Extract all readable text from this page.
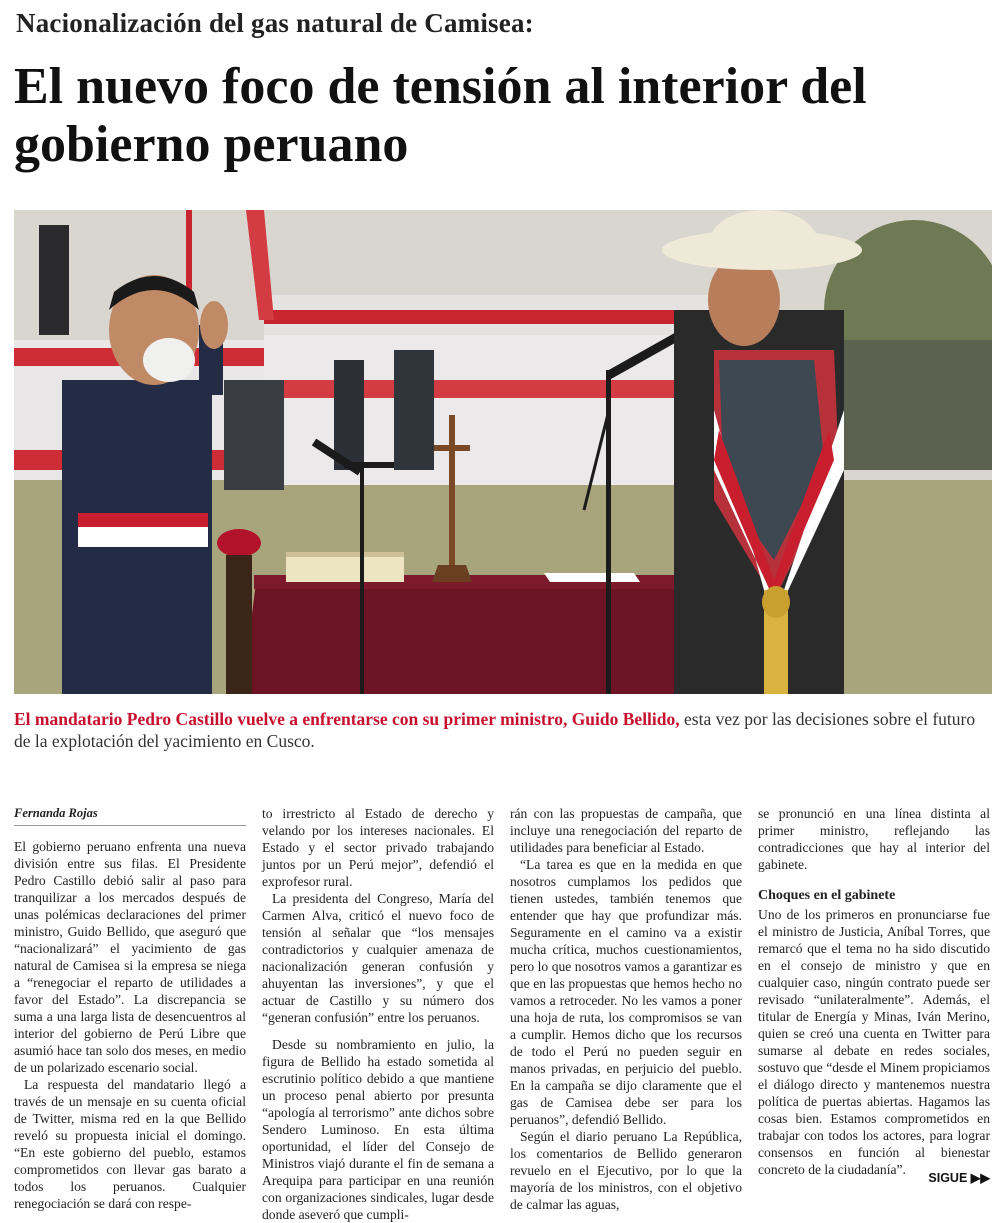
Nacionalización del gas natural de Camisea:
El nuevo foco de tensión al interior del gobierno peruano
El mandatario Pedro Castillo vuelve a enfrentarse con su primer ministro, Guido Bellido, esta vez por las decisiones sobre el futuro de la explotación del yacimiento en Cusco.
Fernanda Rojas

El gobierno peruano enfrenta una nueva división entre sus filas. El Presidente Pedro Castillo debió salir al paso para tranquilizar a los mercados después de unas polémicas declaraciones del primer ministro, Guido Bellido, que aseguró que “nacionalizará” el yacimiento de gas natural de Camisea si la empresa se niega a “renegociar el reparto de utilidades a favor del Estado”. La discrepancia se suma a una larga lista de desencuentros al interior del gobierno de Perú Libre que asumió hace tan solo dos meses, en medio de un polarizado escenario social.

La respuesta del mandatario llegó a través de un mensaje en su cuenta oficial de Twitter, misma red en la que Bellido reveló su propuesta inicial el domingo. “En este gobierno del pueblo, estamos comprometidos con llevar gas barato a todos los peruanos. Cualquier renegociación se dará con respe-

to irrestricto al Estado de derecho y velando por los intereses nacionales. El Estado y el sector privado trabajando juntos por un Perú mejor”, defendió el exprofesor rural.

La presidenta del Congreso, María del Carmen Alva, criticó el nuevo foco de tensión al señalar que “los mensajes contradictorios y cualquier amenaza de nacionalización generan confusión y ahuyentan las inversiones”, y que el actuar de Castillo y su número dos “generan confusión” entre los peruanos.

Desde su nombramiento en julio, la figura de Bellido ha estado sometida al escrutinio político debido a que mantiene un proceso penal abierto por presunta “apología al terrorismo” ante dichos sobre Sendero Luminoso. En esta última oportunidad, el líder del Consejo de Ministros viajó durante el fin de semana a Arequipa para participar en una reunión con organizaciones sindicales, lugar desde donde aseveró que cumpli-

rán con las propuestas de campaña, que incluye una renegociación del reparto de utilidades para beneficiar al Estado.

“La tarea es que en la medida en que nosotros cumplamos los pedidos que tienen ustedes, también tenemos que entender que hay que profundizar más. Seguramente en el camino va a existir mucha crítica, muchos cuestionamientos, pero lo que nosotros vamos a garantizar es que en las propuestas que hemos hecho no vamos a retroceder. No les vamos a poner una hoja de ruta, los compromisos se van a cumplir. Hemos dicho que los recursos de todo el Perú no pueden seguir en manos privadas, en perjuicio del pueblo. En la campaña se dijo claramente que el gas de Camisea debe ser para los peruanos”, defendió Bellido.

Según el diario peruano La República, los comentarios de Bellido generaron revuelo en el Ejecutivo, por lo que la mayoría de los ministros, con el objetivo de calmar las aguas,

se pronunció en una línea distinta al primer ministro, reflejando las contradicciones que hay al interior del gabinete.

Choques en el gabinete

Uno de los primeros en pronunciarse fue el ministro de Justicia, Aníbal Torres, que remarcó que el tema no ha sido discutido en el consejo de ministro y que en cualquier caso, ningún contrato puede ser revisado “unilateralmente”. Además, el titular de Energía y Minas, Iván Merino, quien se creó una cuenta en Twitter para sumarse al debate en redes sociales, sostuvo que “desde el Minem propiciamos el diálogo directo y mantenemos nuestra política de puertas abiertas. Hagamos las cosas bien. Estamos comprometidos en trabajar con todos los actores, para lograr consensos en función al bienestar concreto de la ciudadanía”.

SIGUE ▶▶
